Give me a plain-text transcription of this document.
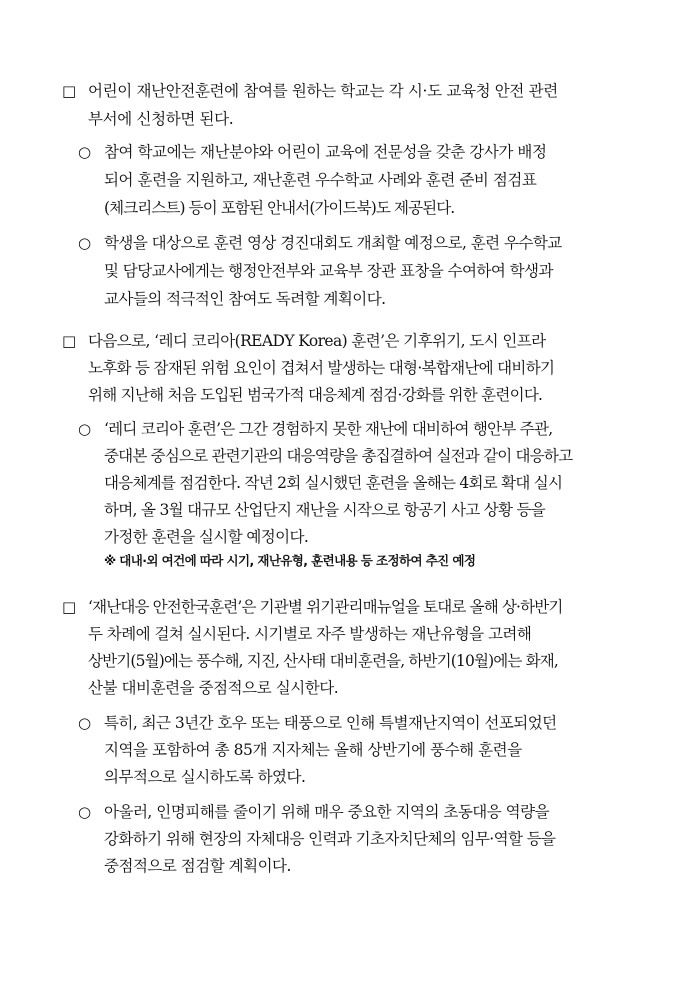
□ 어린이 재난안전훈련에 참여를 원하는 학교는 각 시·도 교육청 안전 관련
부서에 신청하면 된다.
○ 참여 학교에는 재난분야와 어린이 교육에 전문성을 갖춘 강사가 배정
되어 훈련을 지원하고, 재난훈련 우수학교 사례와 훈련 준비 점검표
(체크리스트) 등이 포함된 안내서(가이드북)도 제공된다.
○ 학생을 대상으로 훈련 영상 경진대회도 개최할 예정으로, 훈련 우수학교
및 담당교사에게는 행정안전부와 교육부 장관 표창을 수여하여 학생과
교사들의 적극적인 참여도 독려할 계획이다.
□ 다음으로, ‘레디 코리아(READY Korea) 훈련’은 기후위기, 도시 인프라
노후화 등 잠재된 위험 요인이 겹쳐서 발생하는 대형·복합재난에 대비하기
위해 지난해 처음 도입된 범국가적 대응체계 점검·강화를 위한 훈련이다.
○ ‘레디 코리아 훈련’은 그간 경험하지 못한 재난에 대비하여 행안부 주관,
중대본 중심으로 관련기관의 대응역량을 총집결하여 실전과 같이 대응하고
대응체계를 점검한다. 작년 2회 실시했던 훈련을 올해는 4회로 확대 실시
하며, 올 3월 대규모 산업단지 재난을 시작으로 항공기 사고 상황 등을
가정한 훈련을 실시할 예정이다.
※ 대내·외 여건에 따라 시기, 재난유형, 훈련내용 등 조정하여 추진 예정
□ ‘재난대응 안전한국훈련’은 기관별 위기관리매뉴얼을 토대로 올해 상·하반기
두 차례에 걸쳐 실시된다. 시기별로 자주 발생하는 재난유형을 고려해
상반기(5월)에는 풍수해, 지진, 산사태 대비훈련을, 하반기(10월)에는 화재,
산불 대비훈련을 중점적으로 실시한다.
○ 특히, 최근 3년간 호우 또는 태풍으로 인해 특별재난지역이 선포되었던
지역을 포함하여 총 85개 지자체는 올해 상반기에 풍수해 훈련을
의무적으로 실시하도록 하였다.
○ 아울러, 인명피해를 줄이기 위해 매우 중요한 지역의 초동대응 역량을
강화하기 위해 현장의 자체대응 인력과 기초자치단체의 임무·역할 등을
중점적으로 점검할 계획이다.
